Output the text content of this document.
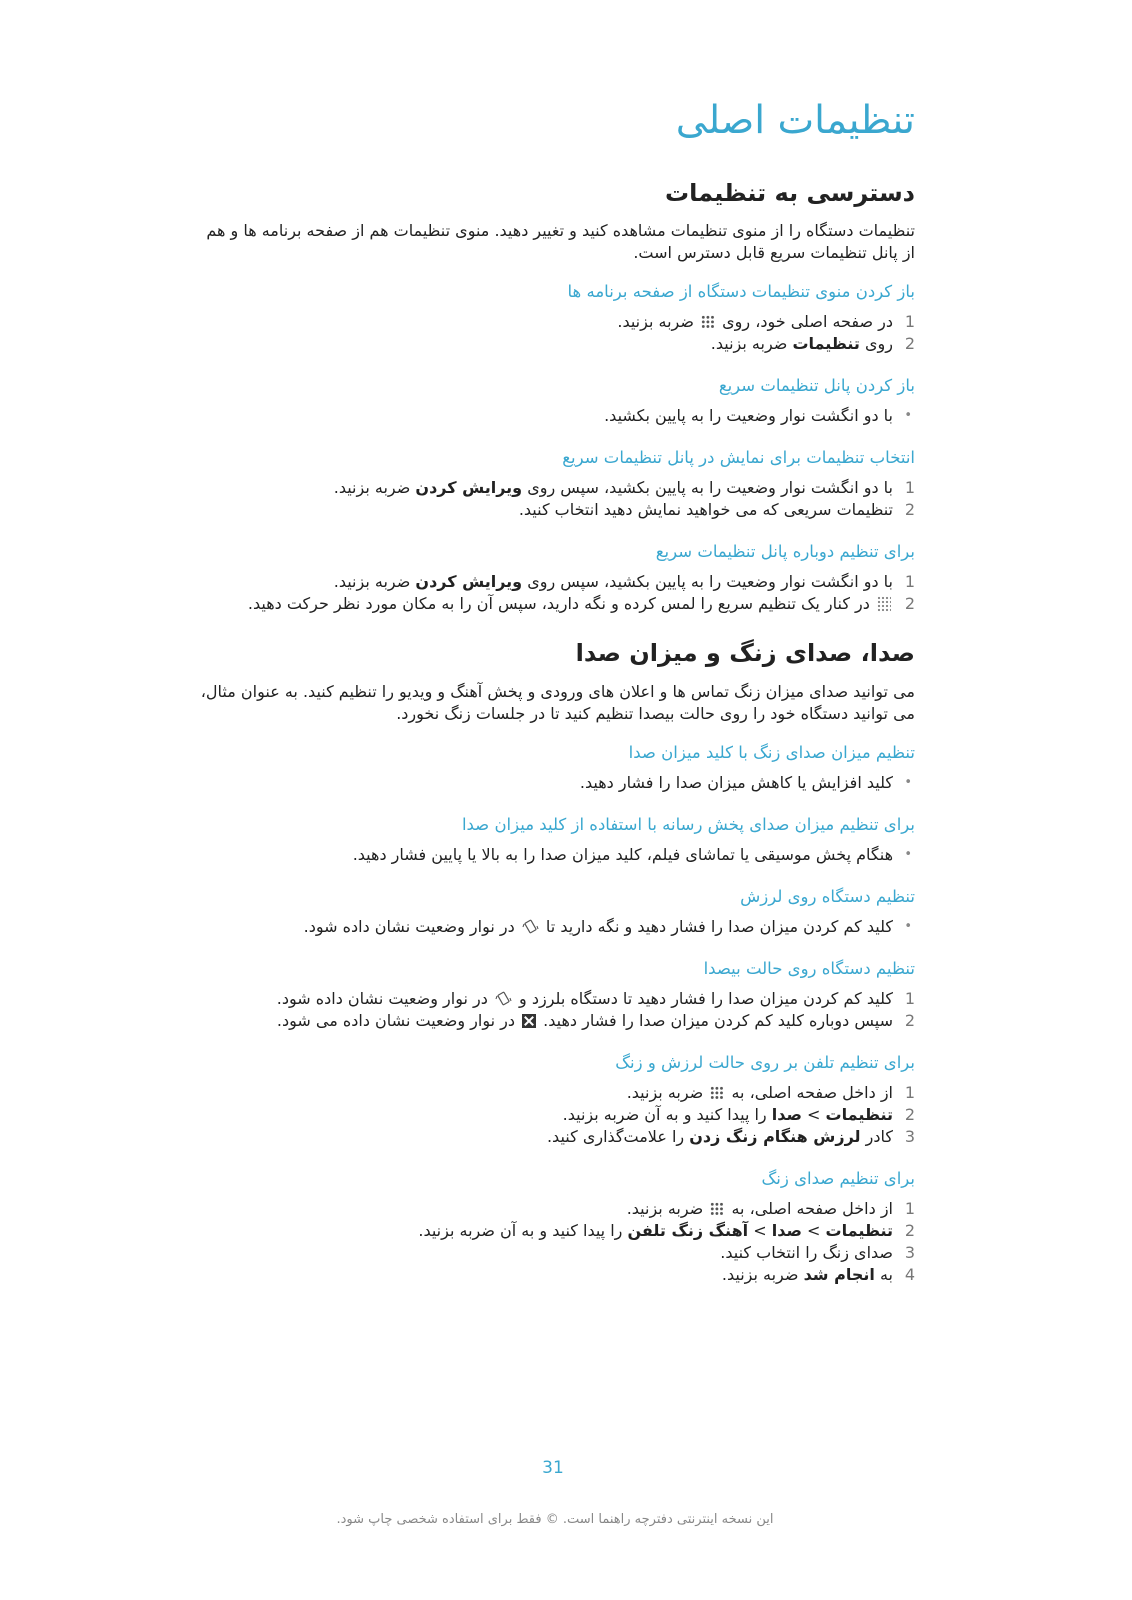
تنظیمات اصلی
دسترسی به تنظیمات

تنظیمات دستگاه را از منوی تنظیمات مشاهده کنید و تغییر دهید. منوی تنظیمات هم از صفحه برنامه ها و هم از پانل تنظیمات سریع قابل دسترس است.

باز کردن منوی تنظیمات دستگاه از صفحه برنامه ها
1
در صفحه اصلی خود، روی  ضربه بزنید.
2
روی تنظیمات ضربه بزنید.
باز کردن پانل تنظیمات سریع
•
با دو انگشت نوار وضعیت را به پایین بکشید.
انتخاب تنظیمات برای نمایش در پانل تنظیمات سریع
1
با دو انگشت نوار وضعیت را به پایین بکشید، سپس روی ویرایش کردن ضربه بزنید.
2
تنظیمات سریعی که می خواهید نمایش دهید انتخاب کنید.
برای تنظیم دوباره پانل تنظیمات سریع
1
با دو انگشت نوار وضعیت را به پایین بکشید، سپس روی ویرایش کردن ضربه بزنید.
2
در کنار یک تنظیم سریع را لمس کرده و نگه دارید، سپس آن را به مکان مورد نظر حرکت دهید.
صدا، صدای زنگ و میزان صدا

می توانید صدای میزان زنگ تماس ها و اعلان های ورودی و پخش آهنگ و ویدیو را تنظیم کنید. به عنوان مثال، می توانید دستگاه خود را روی حالت بیصدا تنظیم کنید تا در جلسات زنگ نخورد.

تنظیم میزان صدای زنگ با کلید میزان صدا
•
کلید افزایش یا کاهش میزان صدا را فشار دهید.
برای تنظیم میزان صدای پخش رسانه با استفاده از کلید میزان صدا
•
هنگام پخش موسیقی یا تماشای فیلم، کلید میزان صدا را به بالا یا پایین فشار دهید.
تنظیم دستگاه روی لرزش
•
کلید کم کردن میزان صدا را فشار دهید و نگه دارید تا  در نوار وضعیت نشان داده شود.
تنظیم دستگاه روی حالت بیصدا
1
کلید کم کردن میزان صدا را فشار دهید تا دستگاه بلرزد و  در نوار وضعیت نشان داده شود.
2
سپس دوباره کلید کم کردن میزان صدا را فشار دهید.  در نوار وضعیت نشان داده می شود.
برای تنظیم تلفن بر روی حالت لرزش و زنگ
1
از داخل صفحه اصلی، به  ضربه بزنید.
2
تنظیمات > صدا را پیدا کنید و به آن ضربه بزنید.
3
کادر لرزش هنگام زنگ زدن را علامت‌گذاری کنید.
برای تنظیم صدای زنگ
1
از داخل صفحه اصلی، به  ضربه بزنید.
2
تنظیمات > صدا > آهنگ زنگ تلفن را پیدا کنید و به آن ضربه بزنید.
3
صدای زنگ را انتخاب کنید.
4
به انجام شد ضربه بزنید.
31
این نسخه اینترنتی دفترچه راهنما است. © فقط برای استفاده شخصی چاپ شود.
